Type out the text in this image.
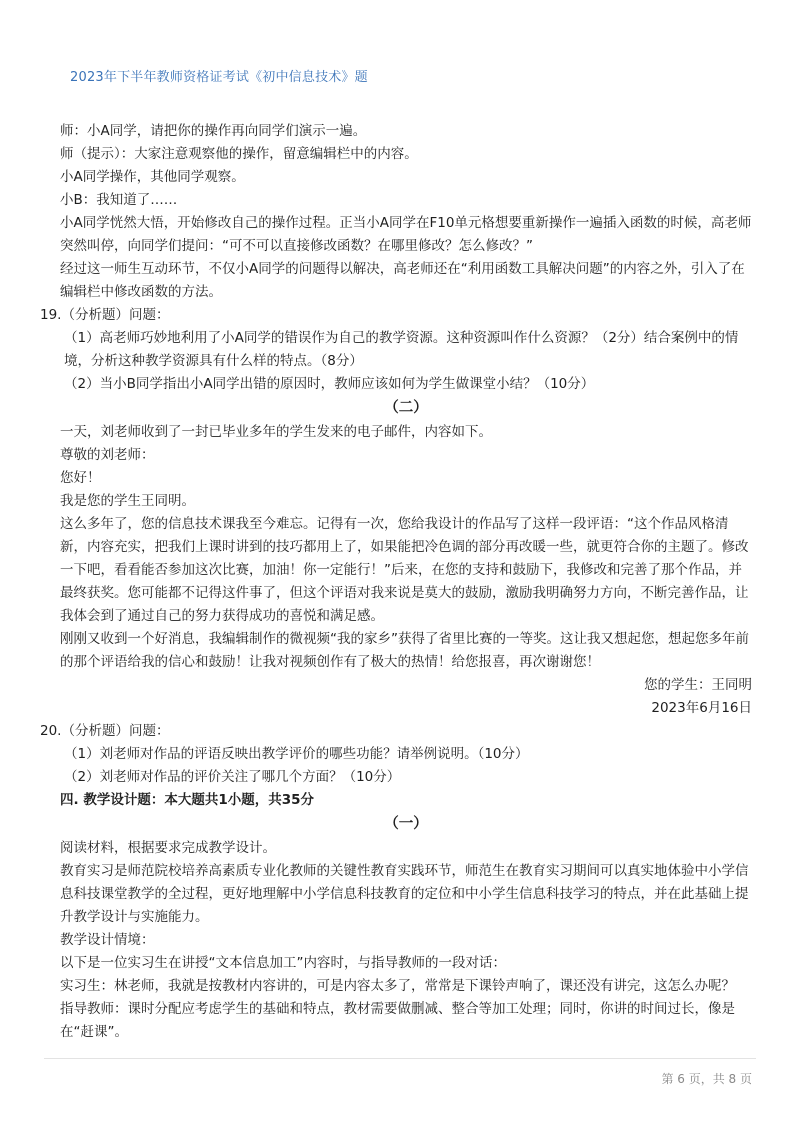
2023年下半年教师资格证考试《初中信息技术》题

师：小A同学，请把你的操作再向同学们演示一遍。

师（提示）：大家注意观察他的操作，留意编辑栏中的内容。

小A同学操作，其他同学观察。

小B：我知道了……

小A同学恍然大悟，开始修改自己的操作过程。正当小A同学在F10单元格想要重新操作一遍插入函数的时候，高老师突然叫停，向同学们提问：“可不可以直接修改函数？在哪里修改？怎么修改？”

经过这一师生互动环节，不仅小A同学的问题得以解决，高老师还在“利用函数工具解决问题”的内容之外，引入了在编辑栏中修改函数的方法。

19.（分析题）问题：

（1）高老师巧妙地利用了小A同学的错误作为自己的教学资源。这种资源叫作什么资源？（2分）结合案例中的情境，分析这种教学资源具有什么样的特点。（8分）

（2）当小B同学指出小A同学出错的原因时，教师应该如何为学生做课堂小结？（10分）

（二）

一天，刘老师收到了一封已毕业多年的学生发来的电子邮件，内容如下。

尊敬的刘老师：

您好！

我是您的学生王同明。

这么多年了，您的信息技术课我至今难忘。记得有一次，您给我设计的作品写了这样一段评语：“这个作品风格清新，内容充实，把我们上课时讲到的技巧都用上了，如果能把冷色调的部分再改暖一些，就更符合你的主题了。修改一下吧，看看能否参加这次比赛，加油！你一定能行！”后来，在您的支持和鼓励下，我修改和完善了那个作品，并最终获奖。您可能都不记得这件事了，但这个评语对我来说是莫大的鼓励，激励我明确努力方向，不断完善作品，让我体会到了通过自己的努力获得成功的喜悦和满足感。

刚刚又收到一个好消息，我编辑制作的微视频“我的家乡”获得了省里比赛的一等奖。这让我又想起您，想起您多年前的那个评语给我的信心和鼓励！让我对视频创作有了极大的热情！给您报喜，再次谢谢您！

您的学生：王同明

2023年6月16日

20.（分析题）问题：

（1）刘老师对作品的评语反映出教学评价的哪些功能？请举例说明。（10分）

（2）刘老师对作品的评价关注了哪几个方面？（10分）

四. 教学设计题：本大题共1小题，共35分

（一）

阅读材料，根据要求完成教学设计。

教育实习是师范院校培养高素质专业化教师的关键性教育实践环节，师范生在教育实习期间可以真实地体验中小学信息科技课堂教学的全过程，更好地理解中小学信息科技教育的定位和中小学生信息科技学习的特点，并在此基础上提升教学设计与实施能力。

教学设计情境：

以下是一位实习生在讲授“文本信息加工”内容时，与指导教师的一段对话：

实习生：林老师，我就是按教材内容讲的，可是内容太多了，常常是下课铃声响了，课还没有讲完，这怎么办呢？

指导教师：课时分配应考虑学生的基础和特点，教材需要做删减、整合等加工处理；同时，你讲的时间过长，像是在“赶课”。

第 6 页，共 8 页
